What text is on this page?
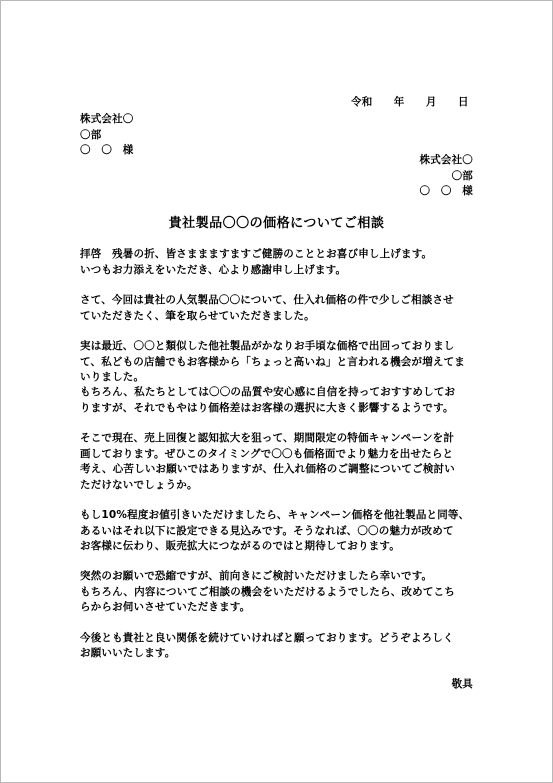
令和　　年　　月　　日
株式会社〇
〇部
〇　〇　様
株式会社〇
〇部
〇　〇　様
貴社製品〇〇の価格についてご相談
拝啓　残暑の折、皆さままますますご健勝のこととお喜び申し上げます。
いつもお力添えをいただき、心より感謝申し上げます。
さて、今回は貴社の人気製品〇〇について、仕入れ価格の件で少しご相談させ
ていただきたく、筆を取らせていただきました。
実は最近、〇〇と類似した他社製品がかなりお手頃な価格で出回っておりまし
て、私どもの店舗でもお客様から「ちょっと高いね」と言われる機会が増えてま
いりました。
もちろん、私たちとしては〇〇の品質や安心感に自信を持っておすすめしてお
りますが、それでもやはり価格差はお客様の選択に大きく影響するようです。
そこで現在、売上回復と認知拡大を狙って、期間限定の特価キャンペーンを計
画しております。ぜひこのタイミングで〇〇も価格面でより魅力を出せたらと
考え、心苦しいお願いではありますが、仕入れ価格のご調整についてご検討い
ただけないでしょうか。
もし10%程度お値引きいただけましたら、キャンペーン価格を他社製品と同等、
あるいはそれ以下に設定できる見込みです。そうなれば、〇〇の魅力が改めて
お客様に伝わり、販売拡大につながるのではと期待しております。
突然のお願いで恐縮ですが、前向きにご検討いただけましたら幸いです。
もちろん、内容についてご相談の機会をいただけるようでしたら、改めてこち
らからお伺いさせていただきます。
今後とも貴社と良い関係を続けていければと願っております。どうぞよろしく
お願いいたします。
敬具
